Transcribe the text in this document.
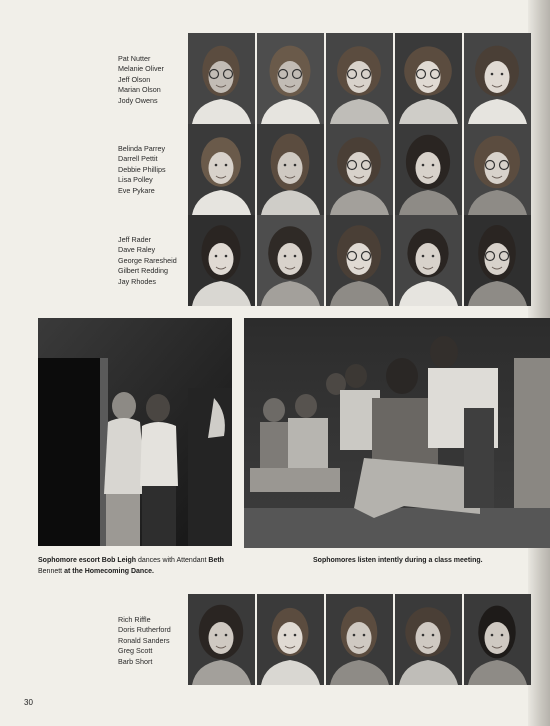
Pat Nutter
Melanie Oliver
Jeff Olson
Marian Olson
Jody Owens
Belinda Parrey
Darrell Pettit
Debbie Phillips
Lisa Polley
Eve Pykare
Jeff Rader
Dave Raley
George Raresheid
Gilbert Redding
Jay Rhodes
Sophomore escort Bob Leigh dances with Attendant Beth
Bennett at the Homecoming Dance.
Sophomores listen intently during a class meeting.
Rich Riffle
Doris Rutherford
Ronald Sanders
Greg Scott
Barb Short
30
